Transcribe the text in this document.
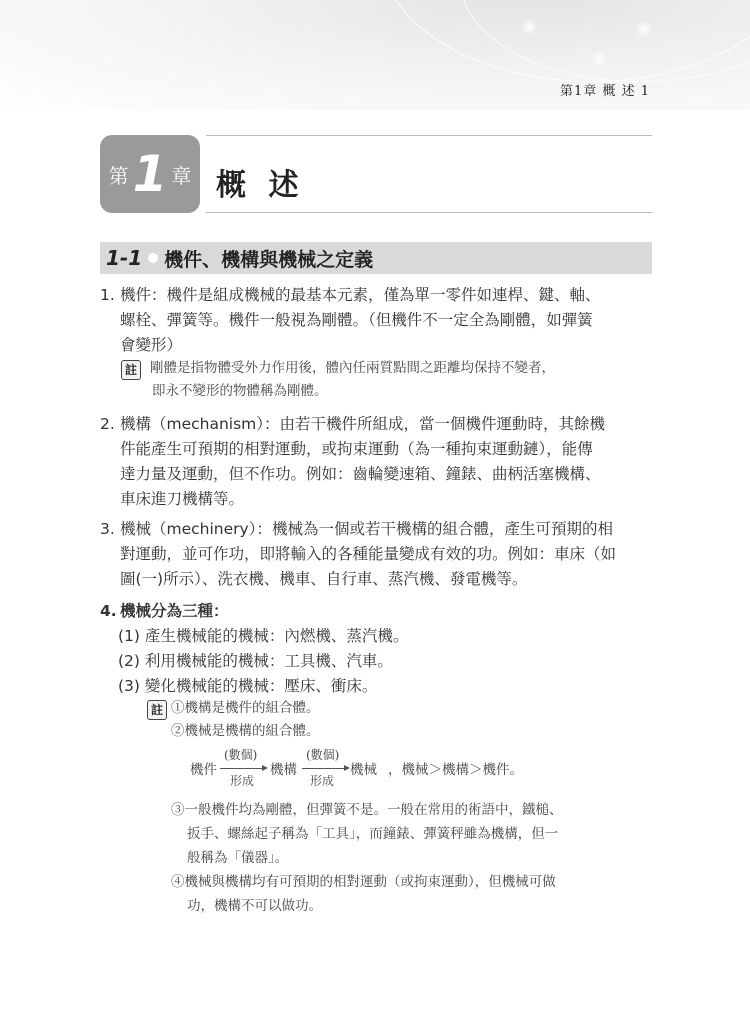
第1章 概 述 1
第 1 章 概 述
1-1 機件、機構與機械之定義
1. 機件：機件是組成機械的最基本元素，僅為單一零件如連桿、鍵、軸、
螺栓、彈簧等。機件一般視為剛體。（但機件不一定全為剛體，如彈簧
會變形）
註 剛體是指物體受外力作用後，體內任兩質點間之距離均保持不變者，
即永不變形的物體稱為剛體。
2. 機構（mechanism）：由若干機件所組成，當一個機件運動時，其餘機
件能產生可預期的相對運動，或拘束運動（為一種拘束運動鏈），能傳
達力量及運動，但不作功。例如：齒輪變速箱、鐘錶、曲柄活塞機構、
車床進刀機構等。
3. 機械（mechinery）：機械為一個或若干機構的組合體，產生可預期的相
對運動，並可作功，即將輸入的各種能量變成有效的功。例如：車床（如
圖(一)所示）、洗衣機、機車、自行車、蒸汽機、發電機等。
4. 機械分為三種：
(1) 產生機械能的機械：內燃機、蒸汽機。
(2) 利用機械能的機械：工具機、汽車。
(3) 變化機械能的機械：壓床、衝床。
註 ①機構是機件的組合體。
②機械是機構的組合體。
機件
(數個)
形成
機構
(數個)
形成
機械 ，機械＞機構＞機件。
③一般機件均為剛體，但彈簧不是。一般在常用的術語中，鐵槌、
扳手、螺絲起子稱為「工具」，而鐘錶、彈簧秤雖為機構，但一
般稱為「儀器」。
④機械與機構均有可預期的相對運動（或拘束運動），但機械可做
功，機構不可以做功。
